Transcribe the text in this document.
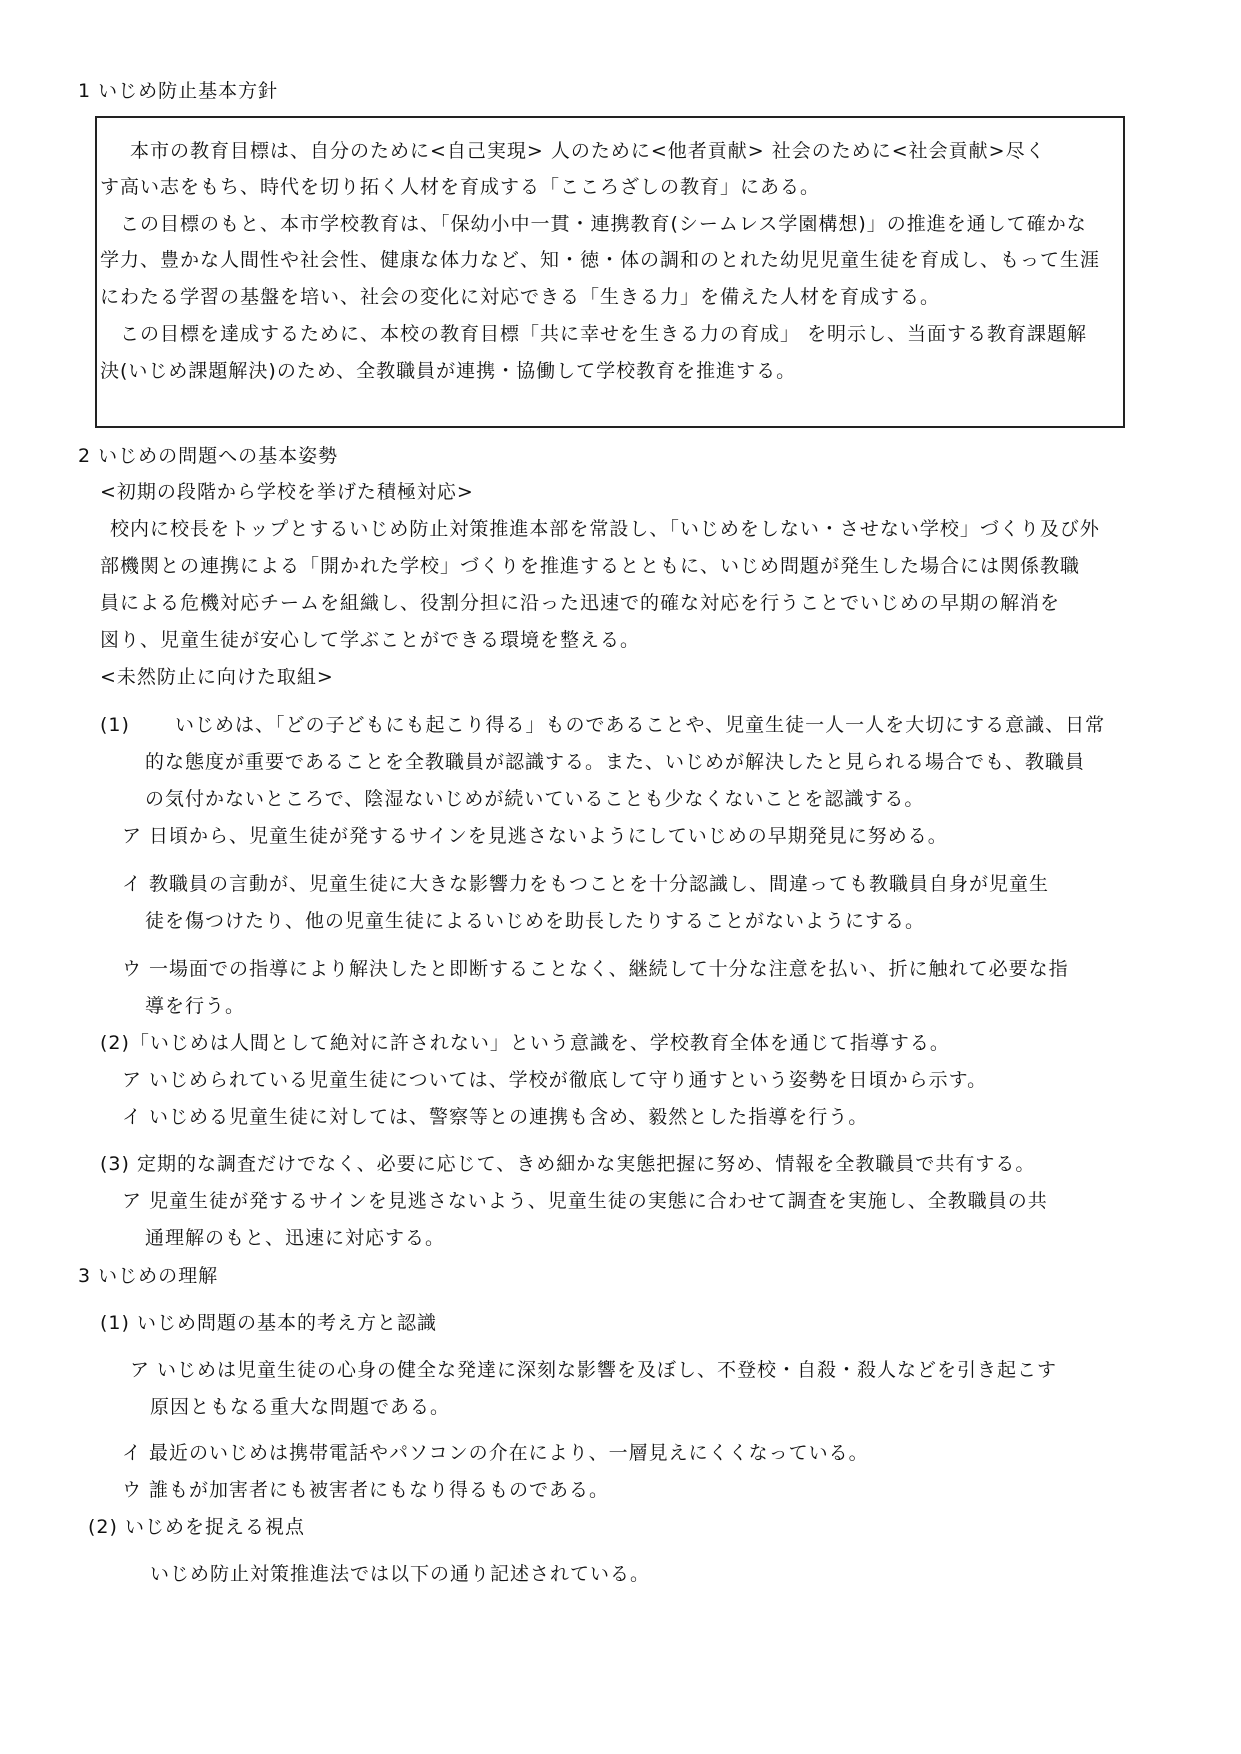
1 いじめ防止基本方針
本市の教育目標は、自分のために<自己実現> 人のために<他者貢献> 社会のために<社会貢献>尽く
す高い志をもち、時代を切り拓く人材を育成する「こころざしの教育」にある。
この目標のもと、本市学校教育は、「保幼小中一貫・連携教育(シームレス学園構想)」の推進を通して確かな
学力、豊かな人間性や社会性、健康な体力など、知・徳・体の調和のとれた幼児児童生徒を育成し、もって生涯
にわたる学習の基盤を培い、社会の変化に対応できる「生きる力」を備えた人材を育成する。
この目標を達成するために、本校の教育目標「共に幸せを生きる力の育成」 を明示し、当面する教育課題解
決(いじめ課題解決)のため、全教職員が連携・協働して学校教育を推進する。
2 いじめの問題への基本姿勢
<初期の段階から学校を挙げた積極対応>
校内に校長をトップとするいじめ防止対策推進本部を常設し、「いじめをしない・させない学校」づくり及び外
部機関との連携による「開かれた学校」づくりを推進するとともに、いじめ問題が発生した場合には関係教職
員による危機対応チームを組織し、役割分担に沿った迅速で的確な対応を行うことでいじめの早期の解消を
図り、児童生徒が安心して学ぶことができる環境を整える。
<未然防止に向けた取組>
(1) いじめは、「どの子どもにも起こり得る」ものであることや、児童生徒一人一人を大切にする意識、日常
的な態度が重要であることを全教職員が認識する。また、いじめが解決したと見られる場合でも、教職員
の気付かないところで、陰湿ないじめが続いていることも少なくないことを認識する。
ア 日頃から、児童生徒が発するサインを見逃さないようにしていじめの早期発見に努める。
イ 教職員の言動が、児童生徒に大きな影響力をもつことを十分認識し、間違っても教職員自身が児童生
徒を傷つけたり、他の児童生徒によるいじめを助長したりすることがないようにする。
ウ 一場面での指導により解決したと即断することなく、継続して十分な注意を払い、折に触れて必要な指
導を行う。
(2)「いじめは人間として絶対に許されない」という意識を、学校教育全体を通じて指導する。
ア いじめられている児童生徒については、学校が徹底して守り通すという姿勢を日頃から示す。
イ いじめる児童生徒に対しては、警察等との連携も含め、毅然とした指導を行う。
(3) 定期的な調査だけでなく、必要に応じて、きめ細かな実態把握に努め、情報を全教職員で共有する。
ア 児童生徒が発するサインを見逃さないよう、児童生徒の実態に合わせて調査を実施し、全教職員の共
通理解のもと、迅速に対応する。
3 いじめの理解
(1) いじめ問題の基本的考え方と認識
ア いじめは児童生徒の心身の健全な発達に深刻な影響を及ぼし、不登校・自殺・殺人などを引き起こす
原因ともなる重大な問題である。
イ 最近のいじめは携帯電話やパソコンの介在により、一層見えにくくなっている。
ウ 誰もが加害者にも被害者にもなり得るものである。
(2) いじめを捉える視点
いじめ防止対策推進法では以下の通り記述されている。
